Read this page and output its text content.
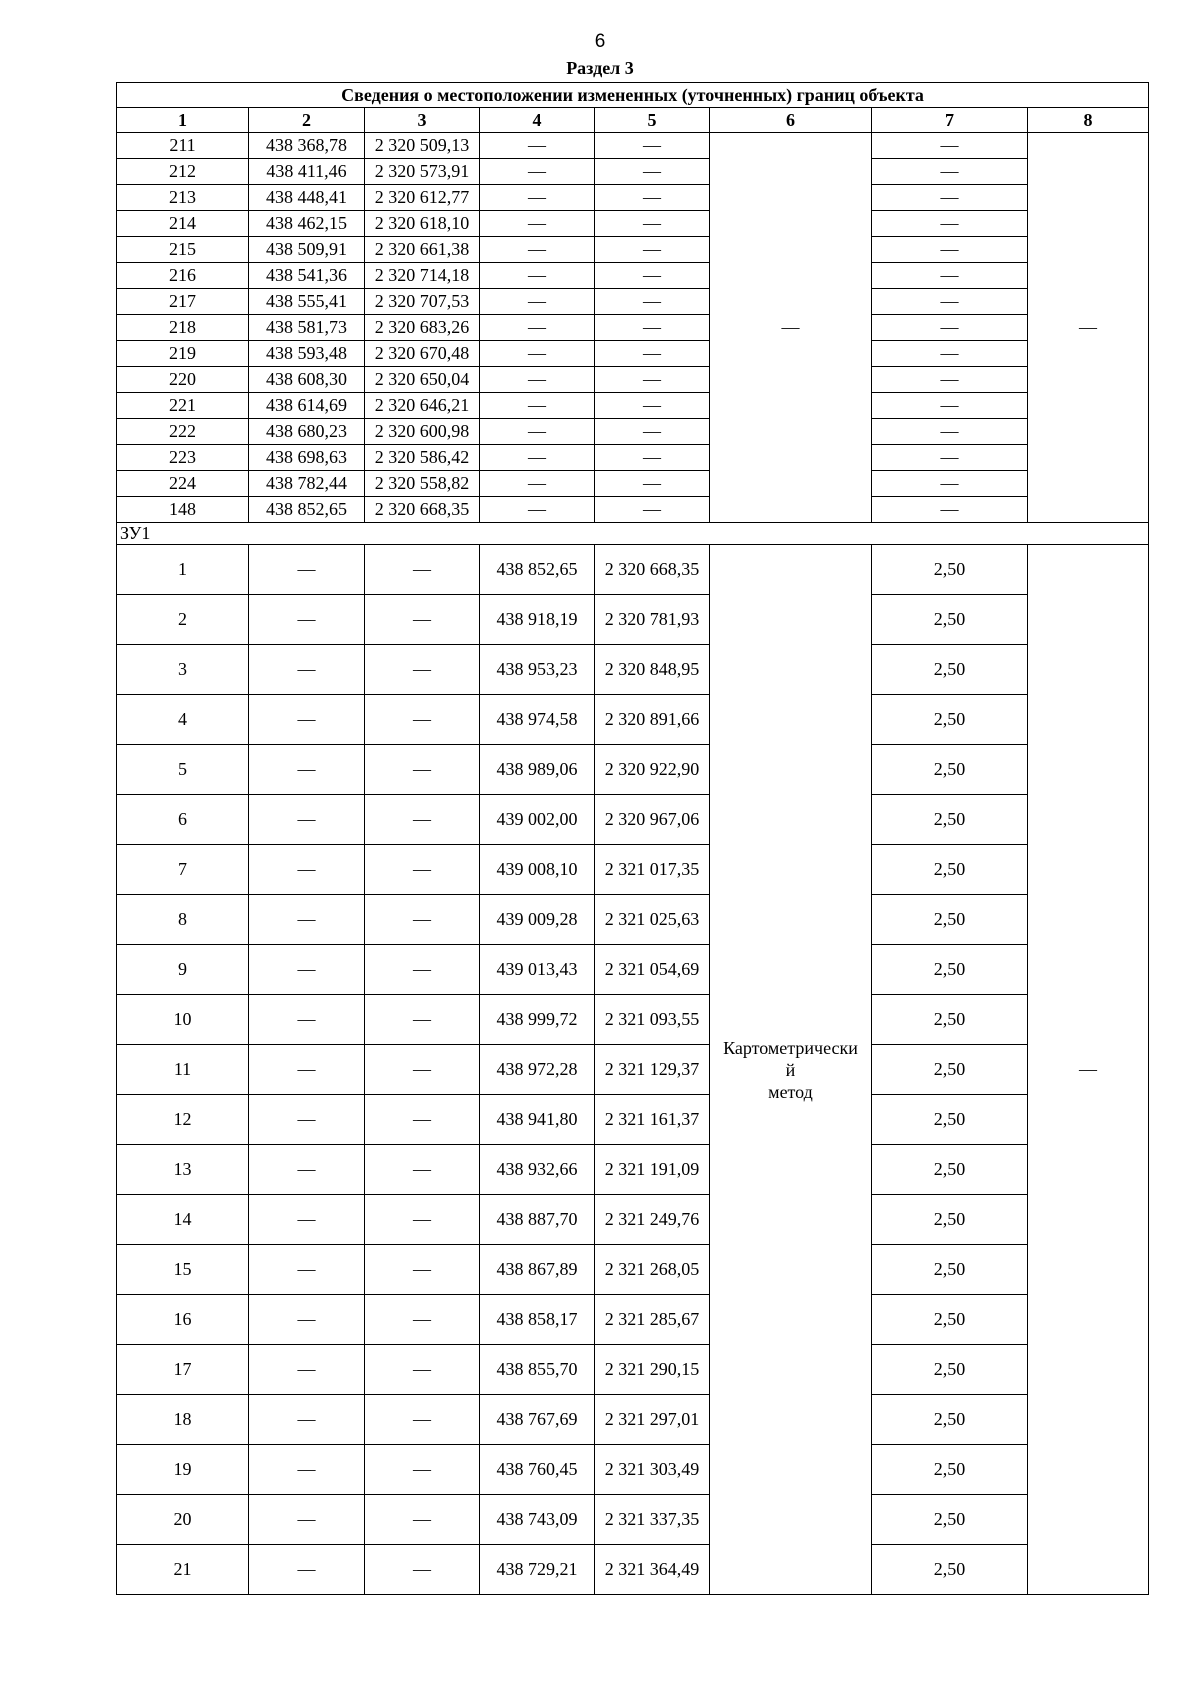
6
Раздел 3
Сведения о местоположении измененных (уточненных) границ объекта							
1	2	3	4	5	6	7	8
211	438 368,78	2 320 509,13	—	—	—	—	—
212	438 411,46	2 320 573,91	—	—		—	
213	438 448,41	2 320 612,77	—	—		—	
214	438 462,15	2 320 618,10	—	—		—	
215	438 509,91	2 320 661,38	—	—		—	
216	438 541,36	2 320 714,18	—	—		—	
217	438 555,41	2 320 707,53	—	—		—	
218	438 581,73	2 320 683,26	—	—		—	
219	438 593,48	2 320 670,48	—	—		—	
220	438 608,30	2 320 650,04	—	—		—	
221	438 614,69	2 320 646,21	—	—		—	
222	438 680,23	2 320 600,98	—	—		—	
223	438 698,63	2 320 586,42	—	—		—	
224	438 782,44	2 320 558,82	—	—		—	
148	438 852,65	2 320 668,35	—	—		—	
ЗУ1							
1	—	—	438 852,65	2 320 668,35	Картометрически
й
метод	2,50	—
2	—	—	438 918,19	2 320 781,93		2,50	
3	—	—	438 953,23	2 320 848,95		2,50	
4	—	—	438 974,58	2 320 891,66		2,50	
5	—	—	438 989,06	2 320 922,90		2,50	
6	—	—	439 002,00	2 320 967,06		2,50	
7	—	—	439 008,10	2 321 017,35		2,50	
8	—	—	439 009,28	2 321 025,63		2,50	
9	—	—	439 013,43	2 321 054,69		2,50	
10	—	—	438 999,72	2 321 093,55		2,50	
11	—	—	438 972,28	2 321 129,37		2,50	
12	—	—	438 941,80	2 321 161,37		2,50	
13	—	—	438 932,66	2 321 191,09		2,50	
14	—	—	438 887,70	2 321 249,76		2,50	
15	—	—	438 867,89	2 321 268,05		2,50	
16	—	—	438 858,17	2 321 285,67		2,50	
17	—	—	438 855,70	2 321 290,15		2,50	
18	—	—	438 767,69	2 321 297,01		2,50	
19	—	—	438 760,45	2 321 303,49		2,50	
20	—	—	438 743,09	2 321 337,35		2,50	
21	—	—	438 729,21	2 321 364,49		2,50	
